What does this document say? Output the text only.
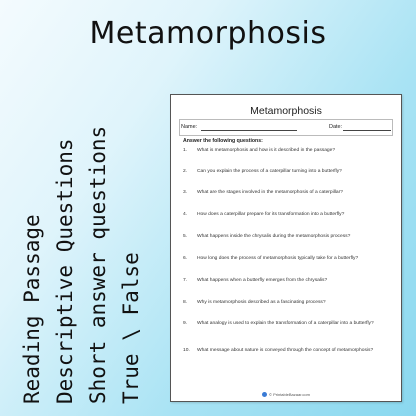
Metamorphosis
Reading Passage Descriptive Questions Short answer questions True \ False
Metamorphosis
Name:	Date:
Answer the following questions:
1.	What is metamorphosis and how is it described in the passage?
2.	Can you explain the process of a caterpillar turning into a butterfly?
3.	What are the stages involved in the metamorphosis of a caterpillar?
4.	How does a caterpillar prepare for its transformation into a butterfly?
5.	What happens inside the chrysalis during the metamorphosis process?
6.	How long does the process of metamorphosis typically take for a butterfly?
7.	What happens when a butterfly emerges from the chrysalis?
8.	Why is metamorphosis described as a fascinating process?
9.	What analogy is used to explain the transformation of a caterpillar into a butterfly?
10.	What message about nature is conveyed through the concept of metamorphosis?
© PrintableBazaar.com
